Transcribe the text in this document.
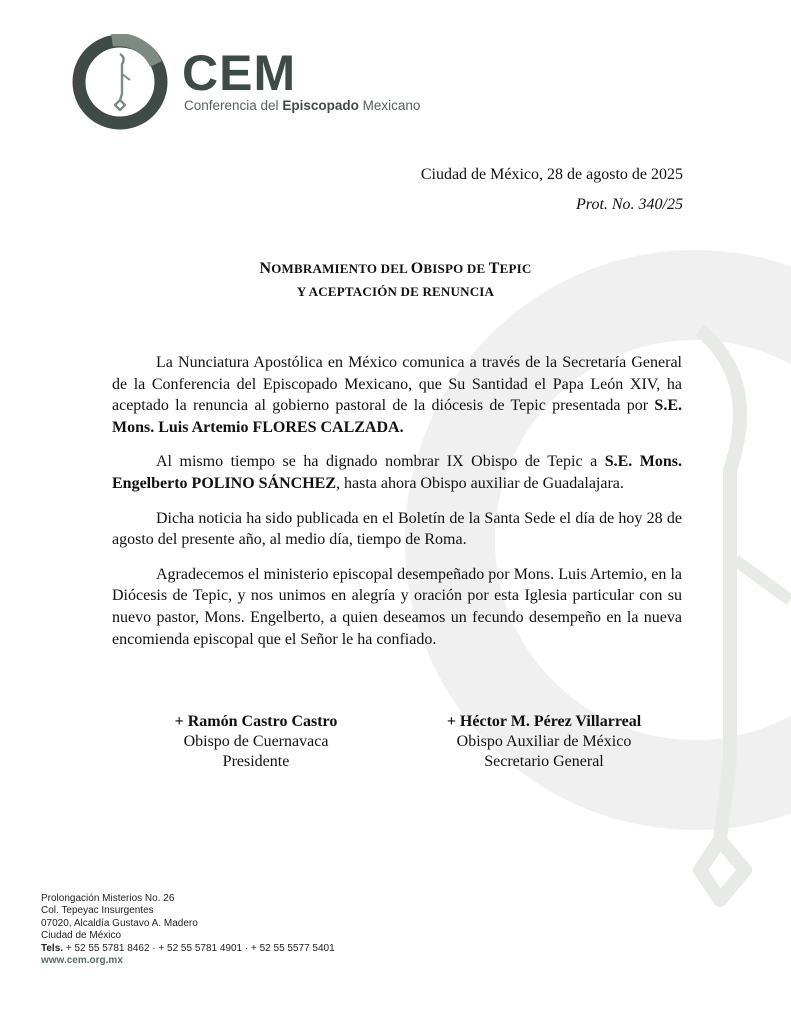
CEM
Conferencia del Episcopado Mexicano
Ciudad de México, 28 de agosto de 2025
Prot. No. 340/25
NOMBRAMIENTO DEL OBISPO DE TEPIC
Y ACEPTACIÓN DE RENUNCIA

La Nunciatura Apostólica en México comunica a través de la Secretaría General de la Conferencia del Episcopado Mexicano, que Su Santidad el Papa León XIV, ha aceptado la renuncia al gobierno pastoral de la diócesis de Tepic presentada por S.E. Mons. Luis Artemio FLORES CALZADA.

Al mismo tiempo se ha dignado nombrar IX Obispo de Tepic a S.E. Mons. Engelberto POLINO SÁNCHEZ, hasta ahora Obispo auxiliar de Guadalajara.

Dicha noticia ha sido publicada en el Boletín de la Santa Sede el día de hoy 28 de agosto del presente año, al medio día, tiempo de Roma.

Agradecemos el ministerio episcopal desempeñado por Mons. Luis Artemio, en la Diócesis de Tepic, y nos unimos en alegría y oración por esta Iglesia particular con su nuevo pastor, Mons. Engelberto, a quien deseamos un fecundo desempeño en la nueva encomienda episcopal que el Señor le ha confiado.

+ Ramón Castro Castro
Obispo de Cuernavaca
Presidente
+ Héctor M. Pérez Villarreal
Obispo Auxiliar de México
Secretario General
Prolongación Misterios No. 26
Col. Tepeyac Insurgentes
07020, Alcaldía Gustavo A. Madero
Ciudad de México
Tels. + 52 55 5781 8462 · + 52 55 5781 4901 · + 52 55 5577 5401
www.cem.org.mx
